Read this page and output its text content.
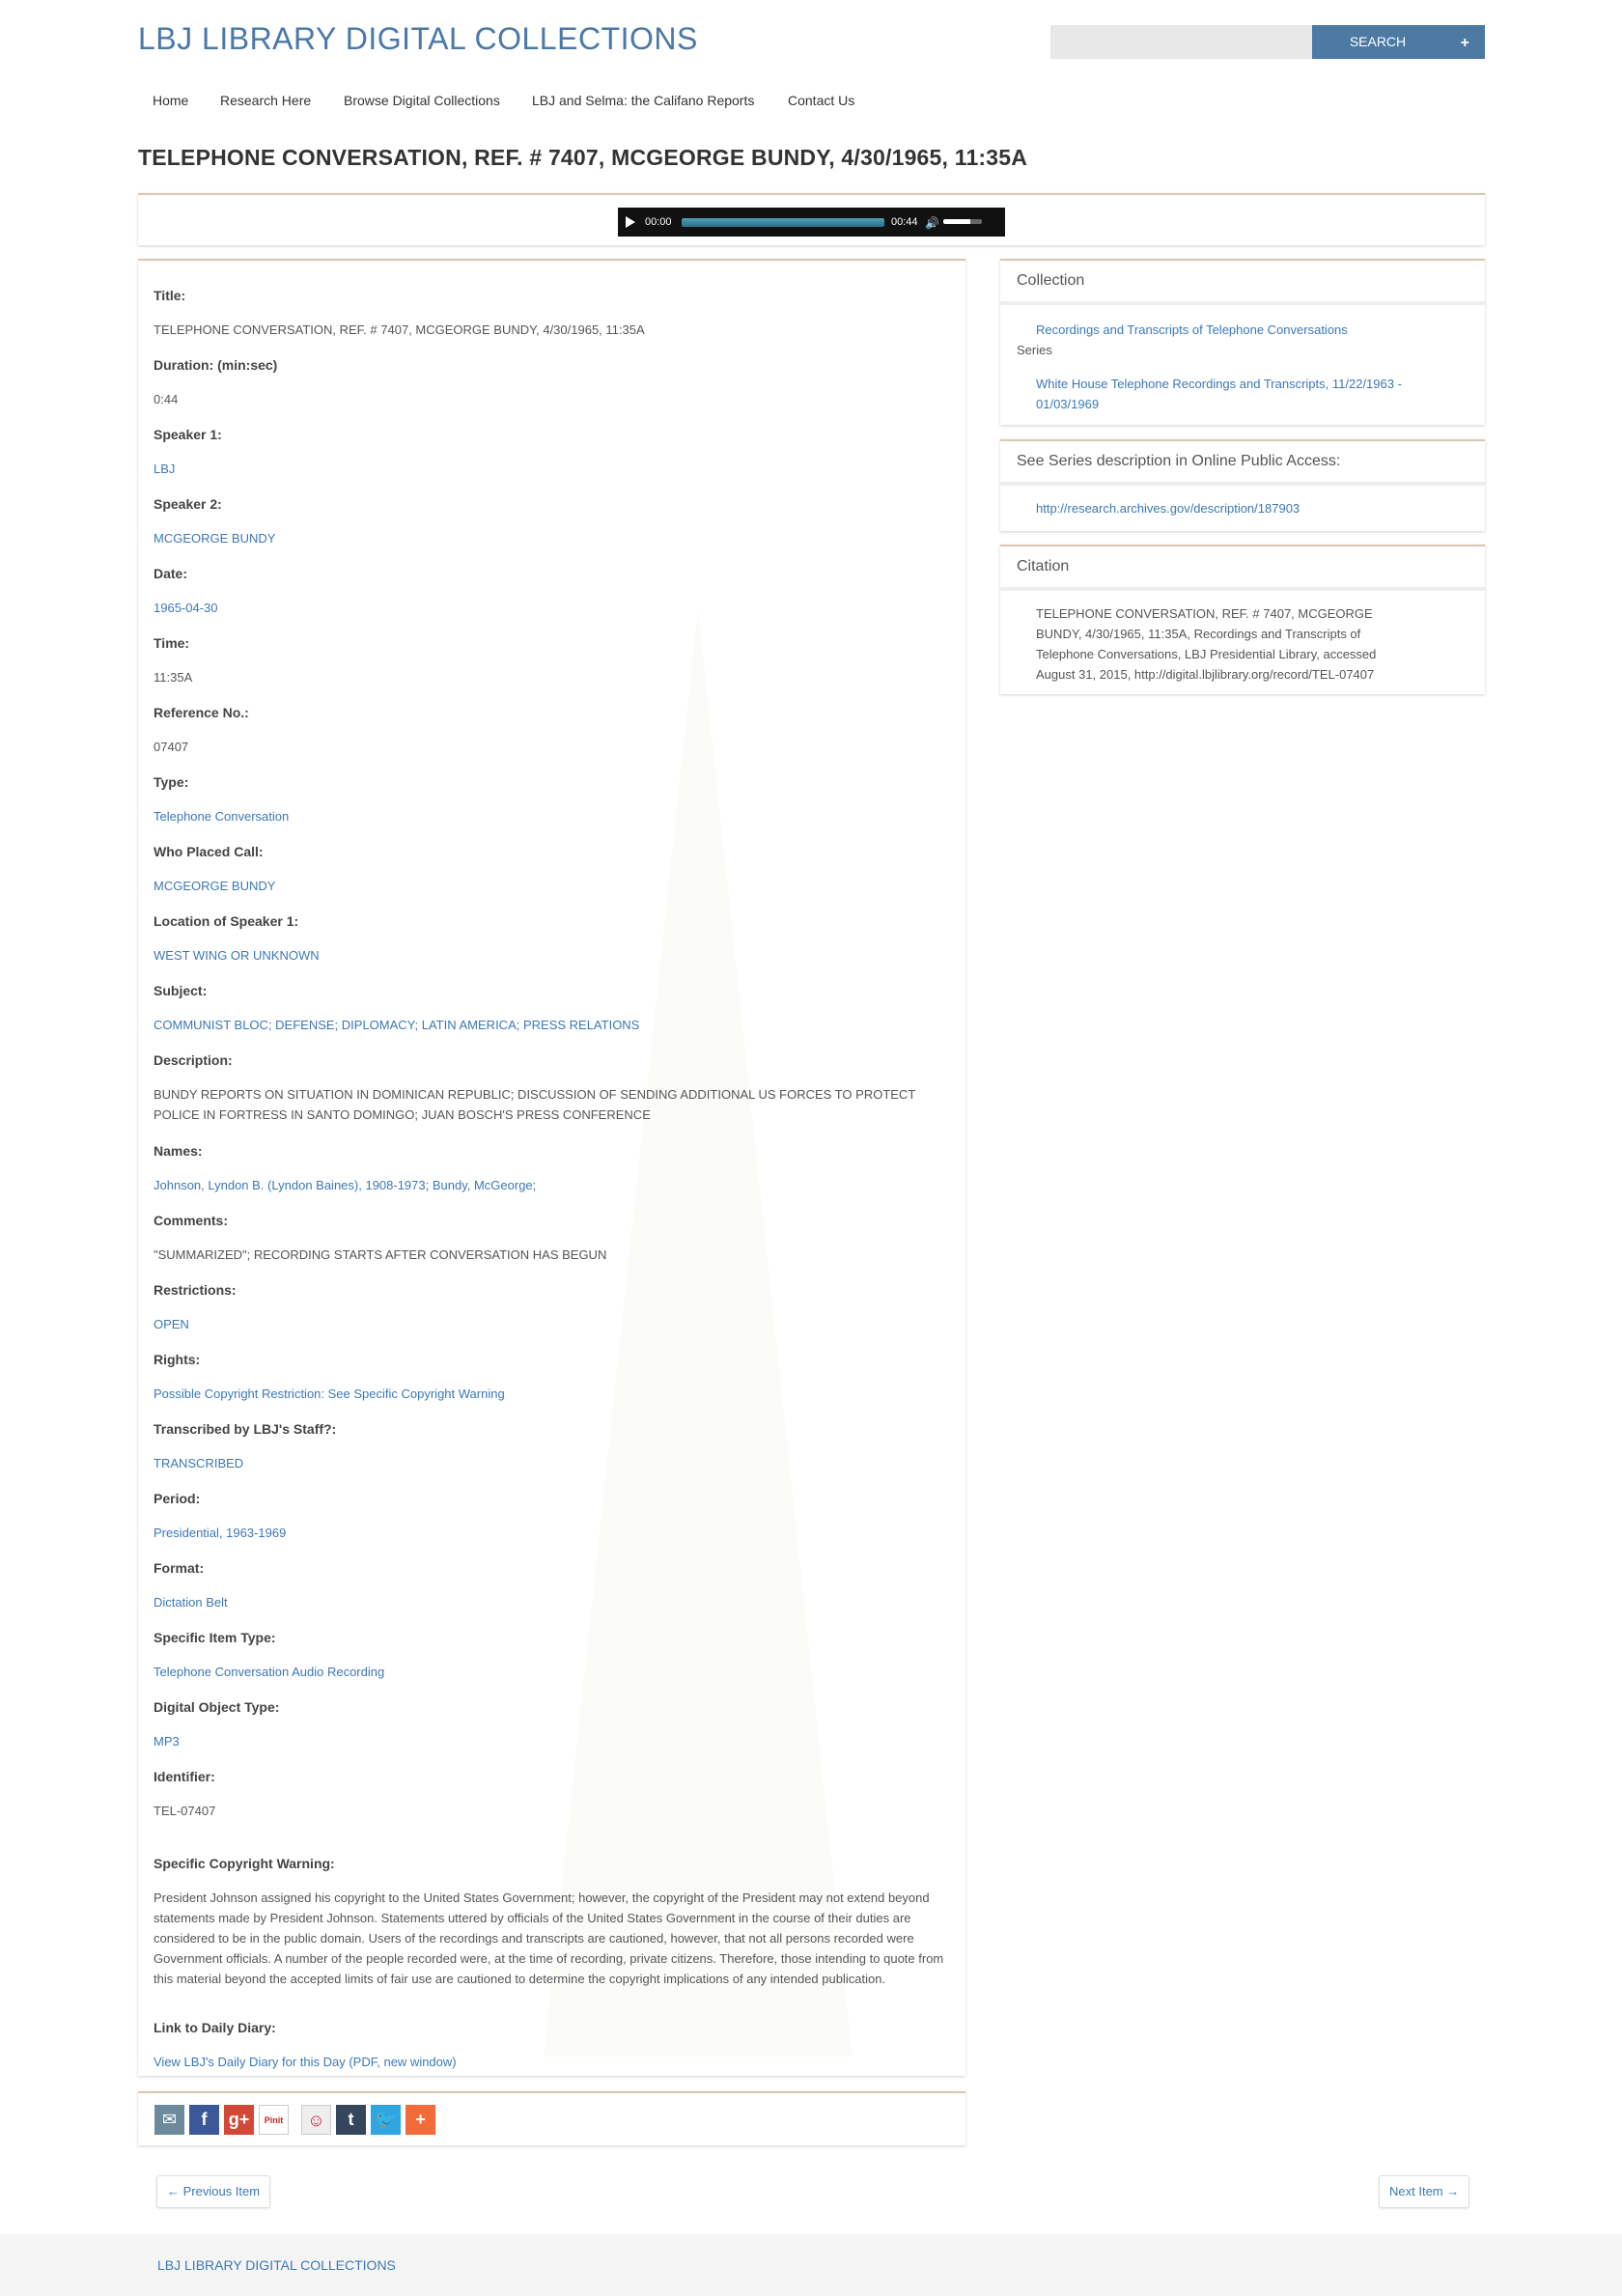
LBJ LIBRARY DIGITAL COLLECTIONS	SEARCH	+
Home Research Here Browse Digital Collections LBJ and Selma: the Califano Reports Contact Us
TELEPHONE CONVERSATION, REF. # 7407, MCGEORGE BUNDY, 4/30/1965, 11:35A
00:00	00:44 🔊
Title:
TELEPHONE CONVERSATION, REF. # 7407, MCGEORGE BUNDY, 4/30/1965, 11:35A
Duration: (min:sec)
0:44
Speaker 1:
LBJ
Speaker 2:
MCGEORGE BUNDY
Date:
1965-04-30
Time:
11:35A
Reference No.:
07407
Type:
Telephone Conversation
Who Placed Call:
MCGEORGE BUNDY
Location of Speaker 1:
WEST WING OR UNKNOWN
Subject:
COMMUNIST BLOC; DEFENSE; DIPLOMACY; LATIN AMERICA; PRESS RELATIONS
Description:
BUNDY REPORTS ON SITUATION IN DOMINICAN REPUBLIC; DISCUSSION OF SENDING ADDITIONAL US FORCES TO PROTECT POLICE IN FORTRESS IN SANTO DOMINGO; JUAN BOSCH'S PRESS CONFERENCE
Names:
Johnson, Lyndon B. (Lyndon Baines), 1908-1973; Bundy, McGeorge;
Comments:
"SUMMARIZED"; RECORDING STARTS AFTER CONVERSATION HAS BEGUN
Restrictions:
OPEN
Rights:
Possible Copyright Restriction: See Specific Copyright Warning
Transcribed by LBJ's Staff?:
TRANSCRIBED
Period:
Presidential, 1963-1969
Format:
Dictation Belt
Specific Item Type:
Telephone Conversation Audio Recording
Digital Object Type:
MP3
Identifier:
TEL-07407
Specific Copyright Warning:
President Johnson assigned his copyright to the United States Government; however, the copyright of the President may not extend beyond statements made by President Johnson. Statements uttered by officials of the United States Government in the course of their duties are considered to be in the public domain. Users of the recordings and transcripts are cautioned, however, that not all persons recorded were Government officials. A number of the people recorded were, at the time of recording, private citizens. Therefore, those intending to quote from this material beyond the accepted limits of fair use are cautioned to determine the copyright implications of any intended publication.
Link to Daily Diary:
View LBJ's Daily Diary for this Day (PDF, new window)
✉	f	g+	Pinit	☺	t	🐦	+
← Previous Item	Next Item →
Collection
Recordings and Transcripts of Telephone Conversations
Series
White House Telephone Recordings and Transcripts, 11/22/1963 -
01/03/1969
See Series description in Online Public Access:
http://research.archives.gov/description/187903
Citation
TELEPHONE CONVERSATION, REF. # 7407, MCGEORGE
BUNDY, 4/30/1965, 11:35A, Recordings and Transcripts of
Telephone Conversations, LBJ Presidential Library, accessed
August 31, 2015, http://digital.lbjlibrary.org/record/TEL-07407
LBJ LIBRARY DIGITAL COLLECTIONS
